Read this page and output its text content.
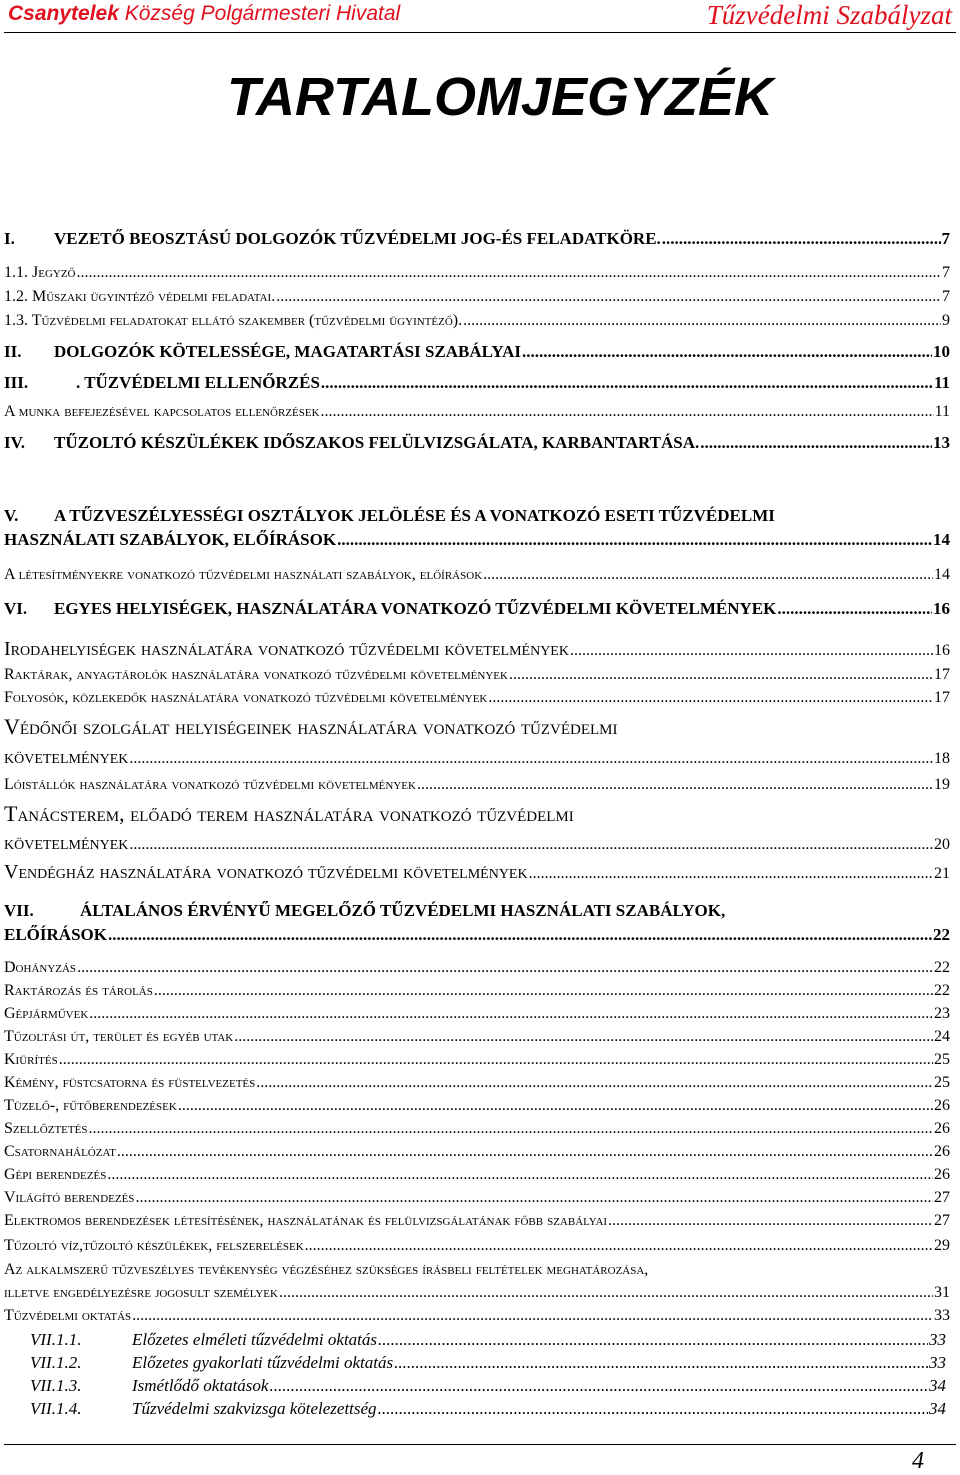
Csanytelek Község Polgármesteri Hivatal	Tűzvédelmi Szabályzat
TARTALOMJEGYZÉK
I.	VEZETŐ BEOSZTÁSÚ DOLGOZÓK TŰZVÉDELMI JOG-ÉS FELADATKÖRE. .....	7
1.1. Jegyző .....	7
1.2. Műszaki ügyintéző védelmi feladatai. .....	7
1.3. Tűzvédelmi feladatokat ellátó szakember (tűzvédelmi ügyintéző). .....	9
II.	DOLGOZÓK KÖTELESSÉGE, MAGATARTÁSI SZABÁLYAI .....	10
III.	. TŰZVÉDELMI ELLENŐRZÉS .....	11
A munka befejezésével kapcsolatos ellenőrzések .....	11
IV.	TŰZOLTÓ KÉSZÜLÉKEK IDŐSZAKOS FELÜLVIZSGÁLATA, KARBANTARTÁSA. .....	13
V. A TŰZVESZÉLYESSÉGI OSZTÁLYOK JELÖLÉSE ÉS A VONATKOZÓ ESETI TŰZVÉDELMI
HASZNÁLATI SZABÁLYOK, ELŐÍRÁSOK .....	14
A létesítményekre vonatkozó tűzvédelmi használati szabályok, előírások .....	14
VI.	EGYES HELYISÉGEK, HASZNÁLATÁRA VONATKOZÓ TŰZVÉDELMI KÖVETELMÉNYEK .....	16
Irodahelyiségek használatára vonatkozó tűzvédelmi követelmények .....	16
Raktárak, anyagtárolók használatára vonatkozó tűzvédelmi követelmények .....	17
Folyosók, közlekedők használatára vonatkozó tűzvédelmi követelmények .....	17
Védőnői szolgálat helyiségeinek használatára vonatkozó tűzvédelmi
követelmények .....	18
Lóistállók használatára vonatkozó tűzvédelmi követelmények .....	19
Tanácsterem, előadó terem használatára vonatkozó tűzvédelmi
követelmények .....	20
Vendégház használatára vonatkozó tűzvédelmi követelmények .....	21
VII.	ÁLTALÁNOS ÉRVÉNYŰ MEGELŐZŐ TŰZVÉDELMI HASZNÁLATI SZABÁLYOK,
ELŐÍRÁSOK .....	22
Dohányzás .....	22
Raktározás és tárolás .....	22
Gépjárművek .....	23
Tűzoltási út, terület és egyéb utak .....	24
Kiürítés .....	25
Kémény, füstcsatorna és füstelvezetés .....	25
Tüzelő-, fűtőberendezések .....	26
Szellőztetés .....	26
Csatornahálózat .....	26
Gépi berendezés .....	26
Világító berendezés .....	27
Elektromos berendezések létesítésének, használatának és felülvizsgálatának főbb szabályai .....	27
Tűzoltó víz,tűzoltó készülékek, felszerelések .....	29
Az alkalmszerű tűzveszélyes tevékenység végzéséhez szükséges írásbeli feltételek meghatározása,
illetve engedélyezésre jogosult személyek .....	31
Tűzvédelmi oktatás .....	33
VII.1.1.	Előzetes elméleti tűzvédelmi oktatás .....	33
VII.1.2.	Előzetes gyakorlati tűzvédelmi oktatás .....	33
VII.1.3.	Ismétlődő oktatások .....	34
VII.1.4.	Tűzvédelmi szakvizsga kötelezettség .....	34
4
